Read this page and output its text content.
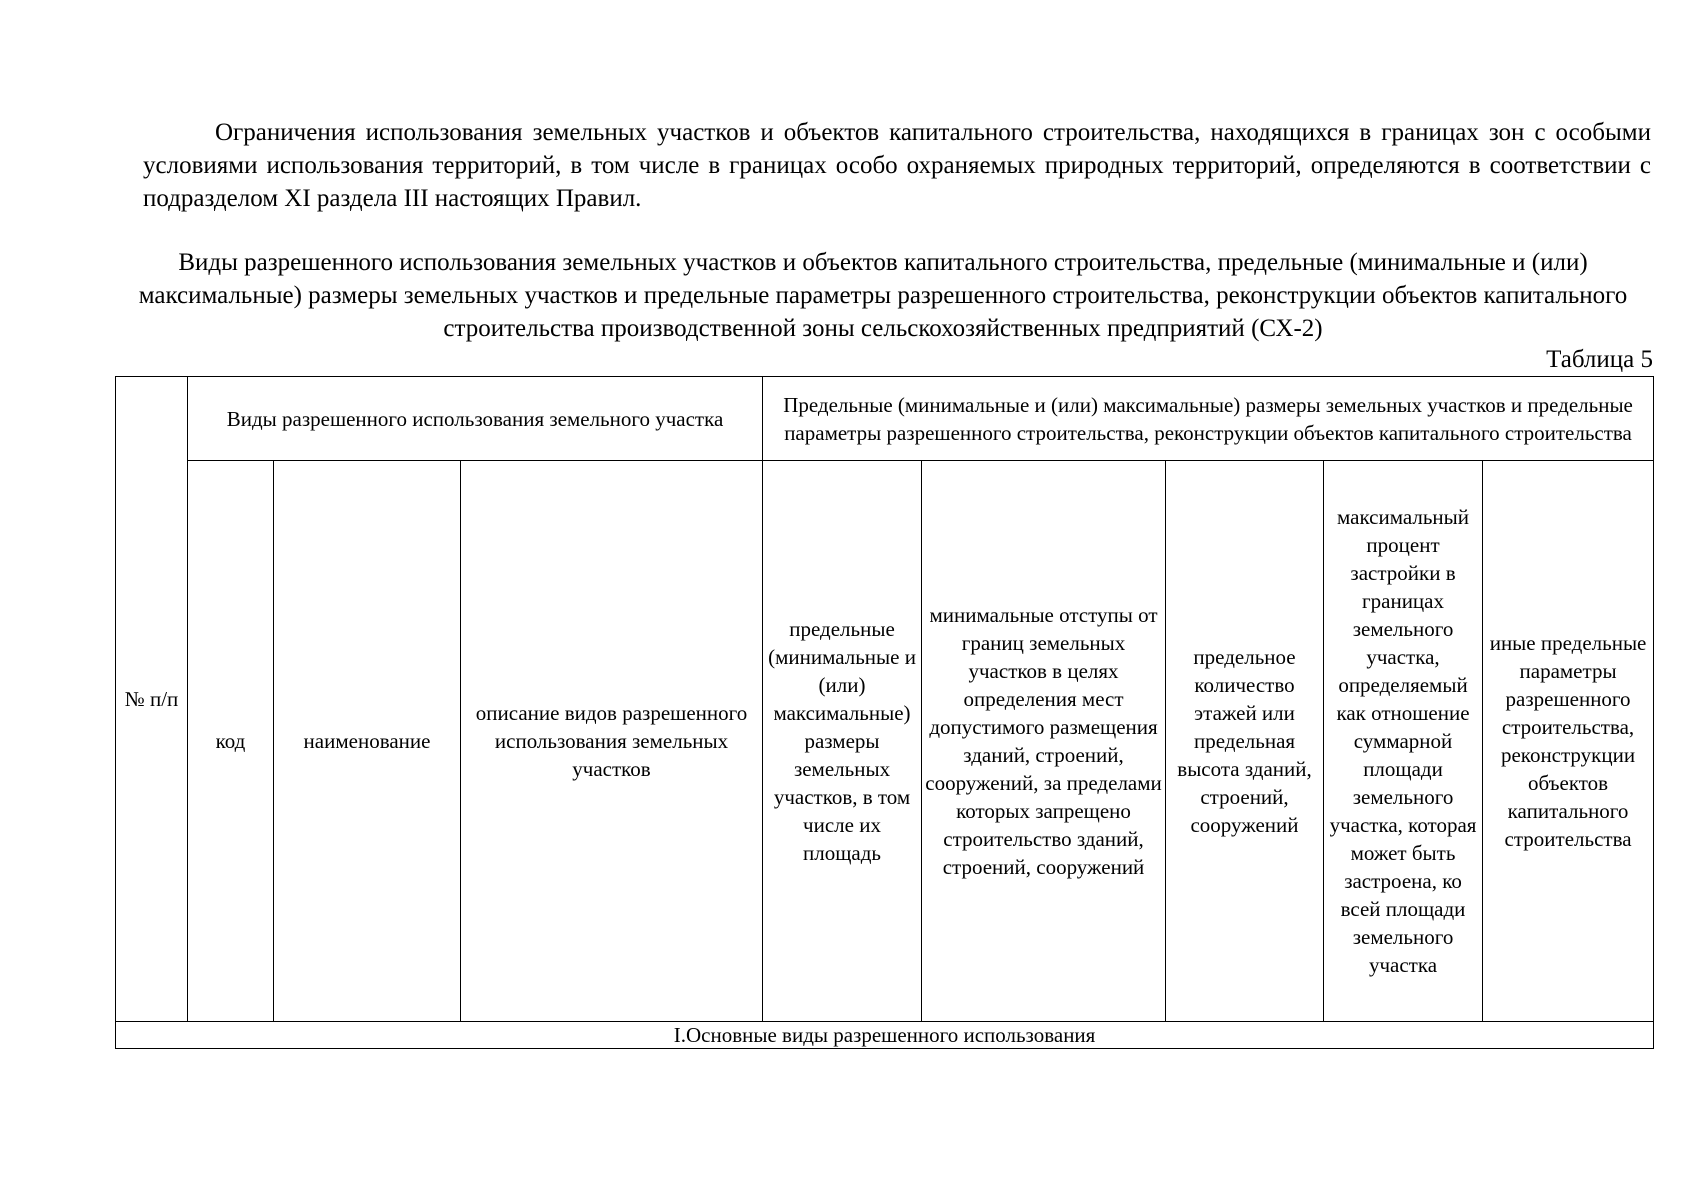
Ограничения использования земельных участков и объектов капитального строительства, находящихся в границах зон с особыми условиями использования территорий, в том числе в границах особо охраняемых природных территорий, определяются в соответствии с подразделом XI раздела III настоящих Правил.

Виды разрешенного использования земельных участков и объектов капитального строительства, предельные (минимальные и (или) максимальные) размеры земельных участков и предельные параметры разрешенного строительства, реконструкции объектов капитального строительства производственной зоны сельскохозяйственных предприятий (СХ-2)

Таблица 5

№ п/п	Виды разрешенного использования земельного участка			Предельные (минимальные и (или) максимальные) размеры земельных участков и предельные параметры разрешенного строительства, реконструкции объектов капитального строительства				
	код	наименование	описание видов разрешенного использования земельных участков	предельные (минимальные и (или) максимальные) размеры земельных участков, в том числе их площадь	минимальные отступы от границ земельных участков в целях определения мест допустимого размещения зданий, строений, сооружений, за пределами которых запрещено строительство зданий, строений, сооружений	предельное количество этажей или предельная высота зданий, строений, сооружений	максимальный процент застройки в границах земельного участка, определяемый как отношение суммарной площади земельного участка, которая может быть застроена, ко всей площади земельного участка	иные предельные параметры разрешенного строительства, реконструкции объектов капитального строительства
I.Основные виды разрешенного использования								
